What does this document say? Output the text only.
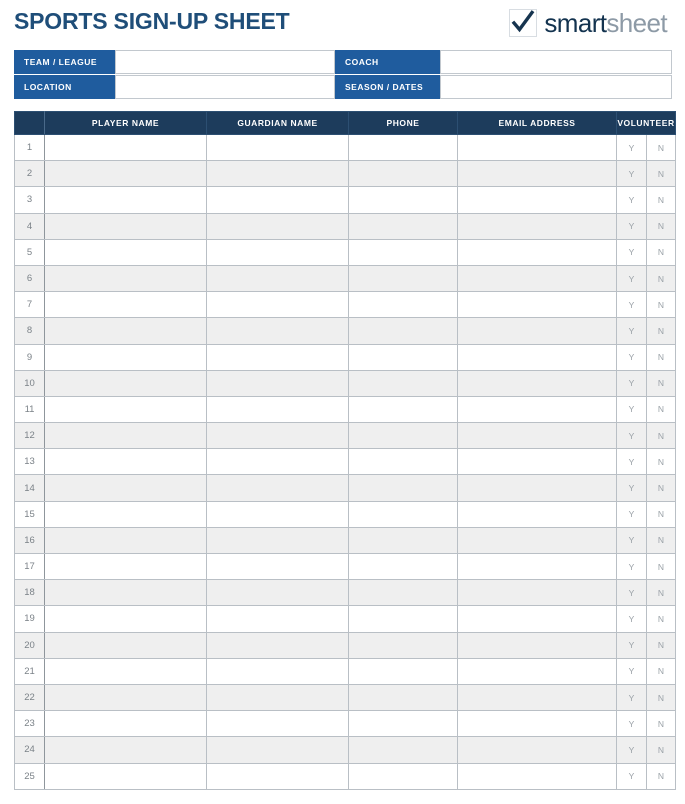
SPORTS SIGN-UP SHEET	smartsheet
TEAM / LEAGUE	COACH
LOCATION	SEASON / DATES
	PLAYER NAME	GUARDIAN NAME	PHONE	EMAIL ADDRESS	VOLUNTEER	
1					Y	N
2					Y	N
3					Y	N
4					Y	N
5					Y	N
6					Y	N
7					Y	N
8					Y	N
9					Y	N
10					Y	N
11					Y	N
12					Y	N
13					Y	N
14					Y	N
15					Y	N
16					Y	N
17					Y	N
18					Y	N
19					Y	N
20					Y	N
21					Y	N
22					Y	N
23					Y	N
24					Y	N
25					Y	N
